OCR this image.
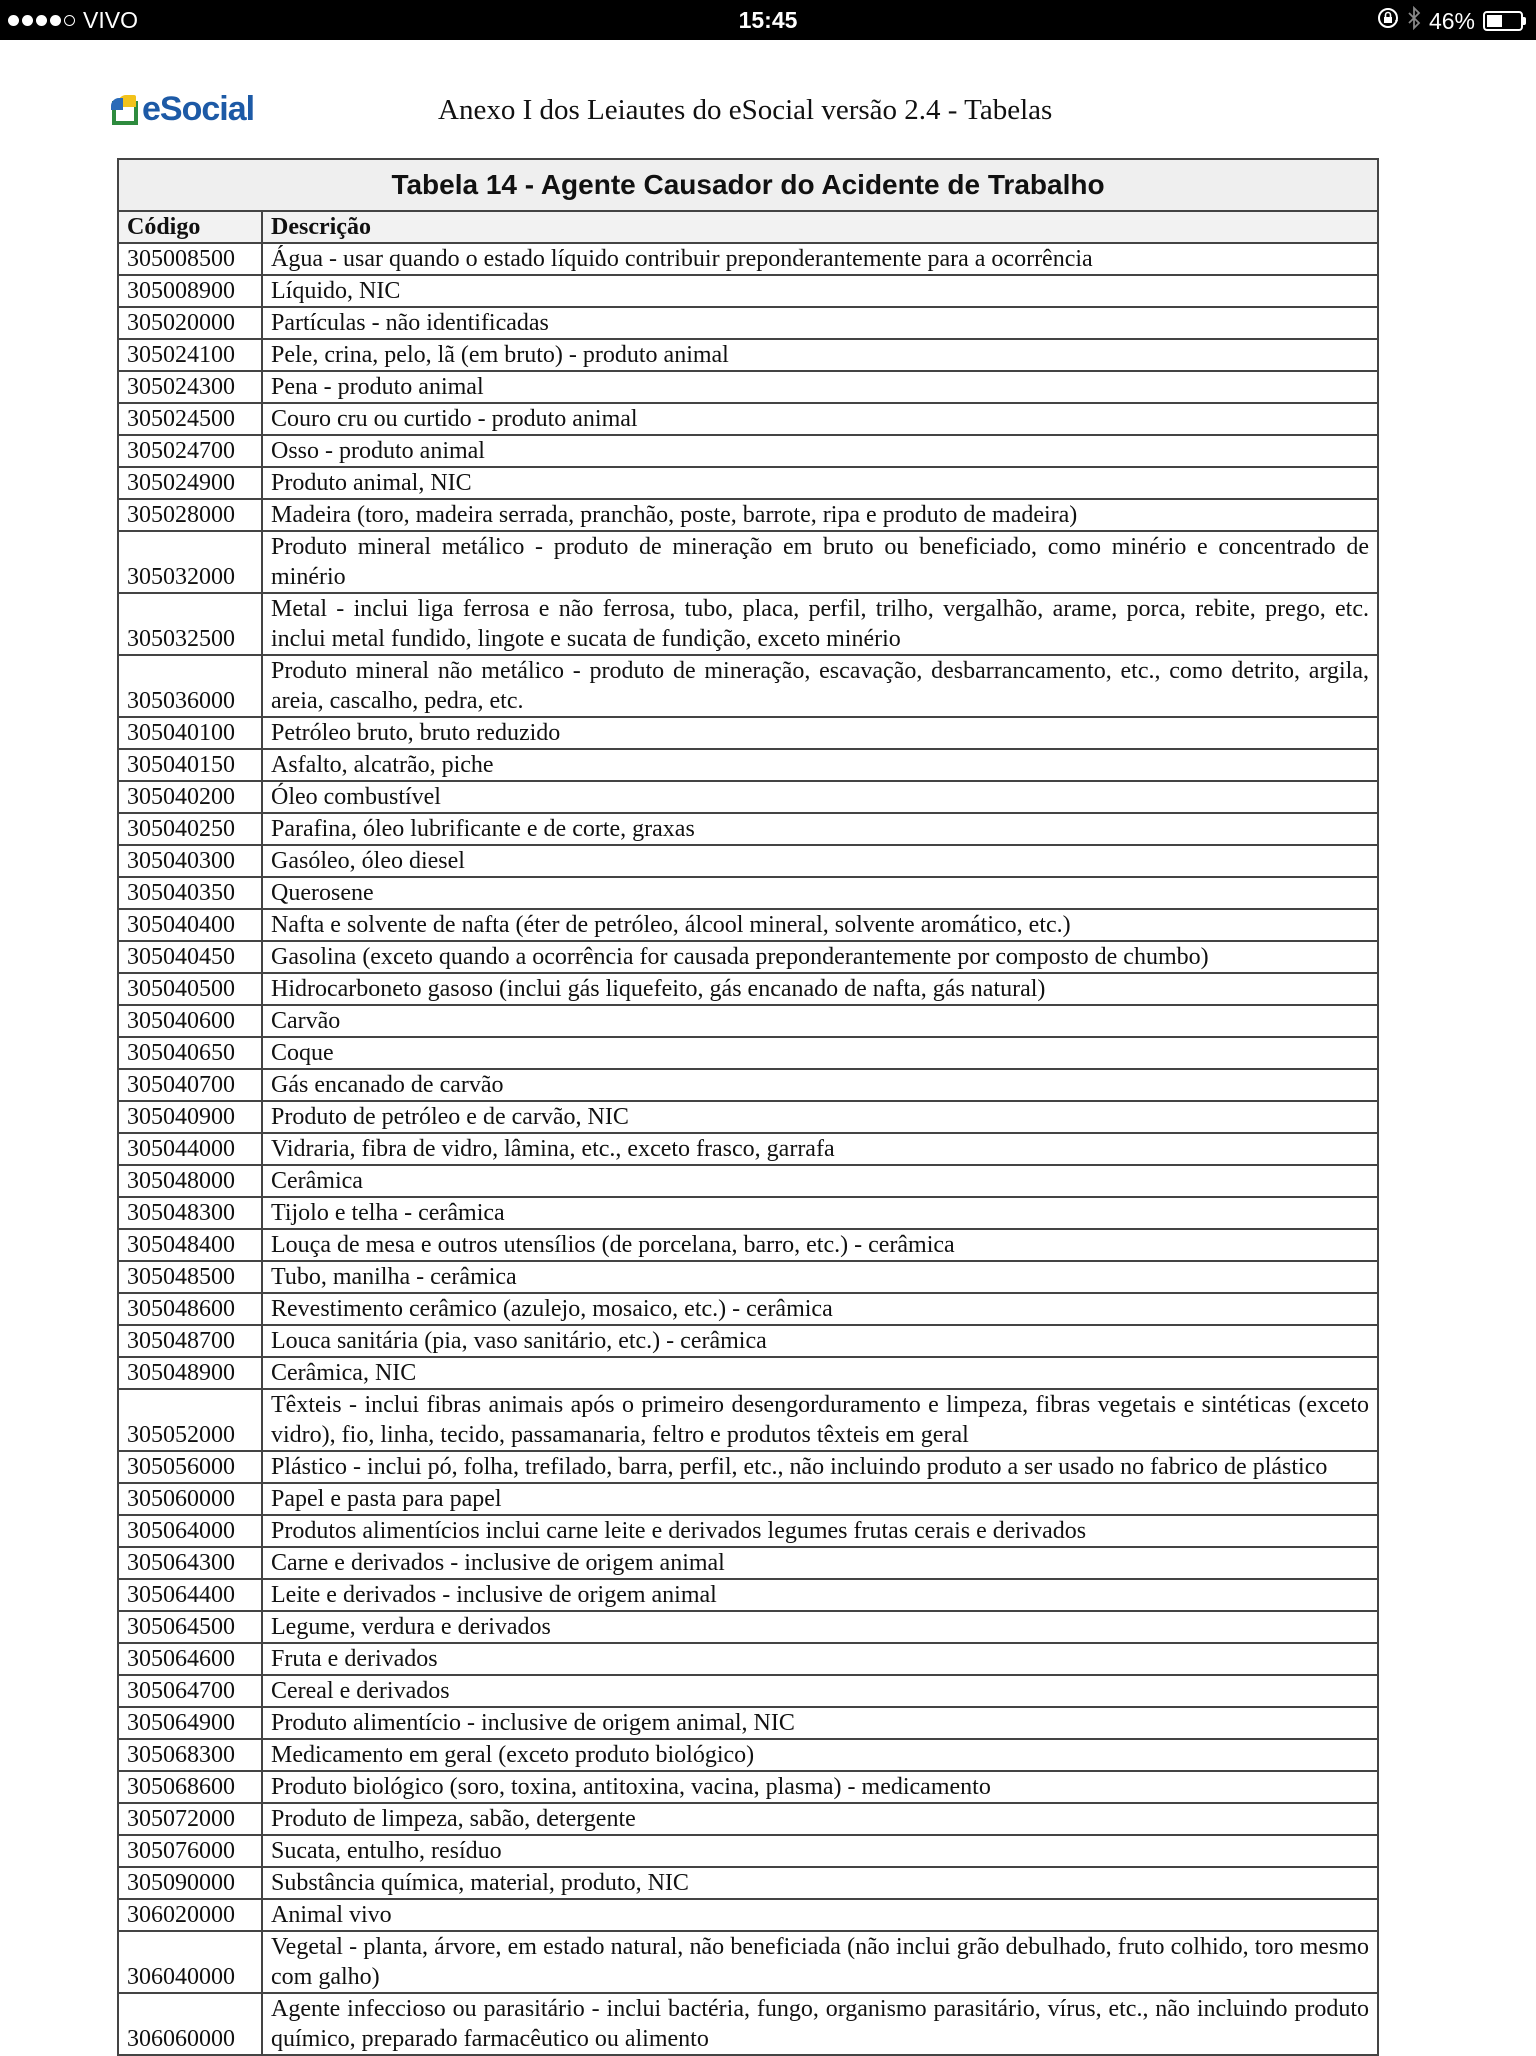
VIVO	15:45	46%
eSocial	Anexo I dos Leiautes do eSocial versão 2.4 - Tabelas
Tabela 14 - Agente Causador do Acidente de Trabalho	
Código	Descrição
305008500	Água - usar quando o estado líquido contribuir preponderantemente para a ocorrência
305008900	Líquido, NIC
305020000	Partículas - não identificadas
305024100	Pele, crina, pelo, lã (em bruto) - produto animal
305024300	Pena - produto animal
305024500	Couro cru ou curtido - produto animal
305024700	Osso - produto animal
305024900	Produto animal, NIC
305028000	Madeira (toro, madeira serrada, pranchão, poste, barrote, ripa e produto de madeira)
305032000	Produto mineral metálico - produto de mineração em bruto ou beneficiado, como minério e concentrado de minério
305032500	Metal - inclui liga ferrosa e não ferrosa, tubo, placa, perfil, trilho, vergalhão, arame, porca, rebite, prego, etc. inclui metal fundido, lingote e sucata de fundição, exceto minério
305036000	Produto mineral não metálico - produto de mineração, escavação, desbarrancamento, etc., como detrito, argila, areia, cascalho, pedra, etc.
305040100	Petróleo bruto, bruto reduzido
305040150	Asfalto, alcatrão, piche
305040200	Óleo combustível
305040250	Parafina, óleo lubrificante e de corte, graxas
305040300	Gasóleo, óleo diesel
305040350	Querosene
305040400	Nafta e solvente de nafta (éter de petróleo, álcool mineral, solvente aromático, etc.)
305040450	Gasolina (exceto quando a ocorrência for causada preponderantemente por composto de chumbo)
305040500	Hidrocarboneto gasoso (inclui gás liquefeito, gás encanado de nafta, gás natural)
305040600	Carvão
305040650	Coque
305040700	Gás encanado de carvão
305040900	Produto de petróleo e de carvão, NIC
305044000	Vidraria, fibra de vidro, lâmina, etc., exceto frasco, garrafa
305048000	Cerâmica
305048300	Tijolo e telha - cerâmica
305048400	Louça de mesa e outros utensílios (de porcelana, barro, etc.) - cerâmica
305048500	Tubo, manilha - cerâmica
305048600	Revestimento cerâmico (azulejo, mosaico, etc.) - cerâmica
305048700	Louca sanitária (pia, vaso sanitário, etc.) - cerâmica
305048900	Cerâmica, NIC
305052000	Têxteis - inclui fibras animais após o primeiro desengorduramento e limpeza, fibras vegetais e sintéticas (exceto vidro), fio, linha, tecido, passamanaria, feltro e produtos têxteis em geral
305056000	Plástico - inclui pó, folha, trefilado, barra, perfil, etc., não incluindo produto a ser usado no fabrico de plástico
305060000	Papel e pasta para papel
305064000	Produtos alimentícios inclui carne leite e derivados legumes frutas cerais e derivados
305064300	Carne e derivados - inclusive de origem animal
305064400	Leite e derivados - inclusive de origem animal
305064500	Legume, verdura e derivados
305064600	Fruta e derivados
305064700	Cereal e derivados
305064900	Produto alimentício - inclusive de origem animal, NIC
305068300	Medicamento em geral (exceto produto biológico)
305068600	Produto biológico (soro, toxina, antitoxina, vacina, plasma) - medicamento
305072000	Produto de limpeza, sabão, detergente
305076000	Sucata, entulho, resíduo
305090000	Substância química, material, produto, NIC
306020000	Animal vivo
306040000	Vegetal - planta, árvore, em estado natural, não beneficiada (não inclui grão debulhado, fruto colhido, toro mesmo com galho)
306060000	Agente infeccioso ou parasitário - inclui bactéria, fungo, organismo parasitário, vírus, etc., não incluindo produto químico, preparado farmacêutico ou alimento
